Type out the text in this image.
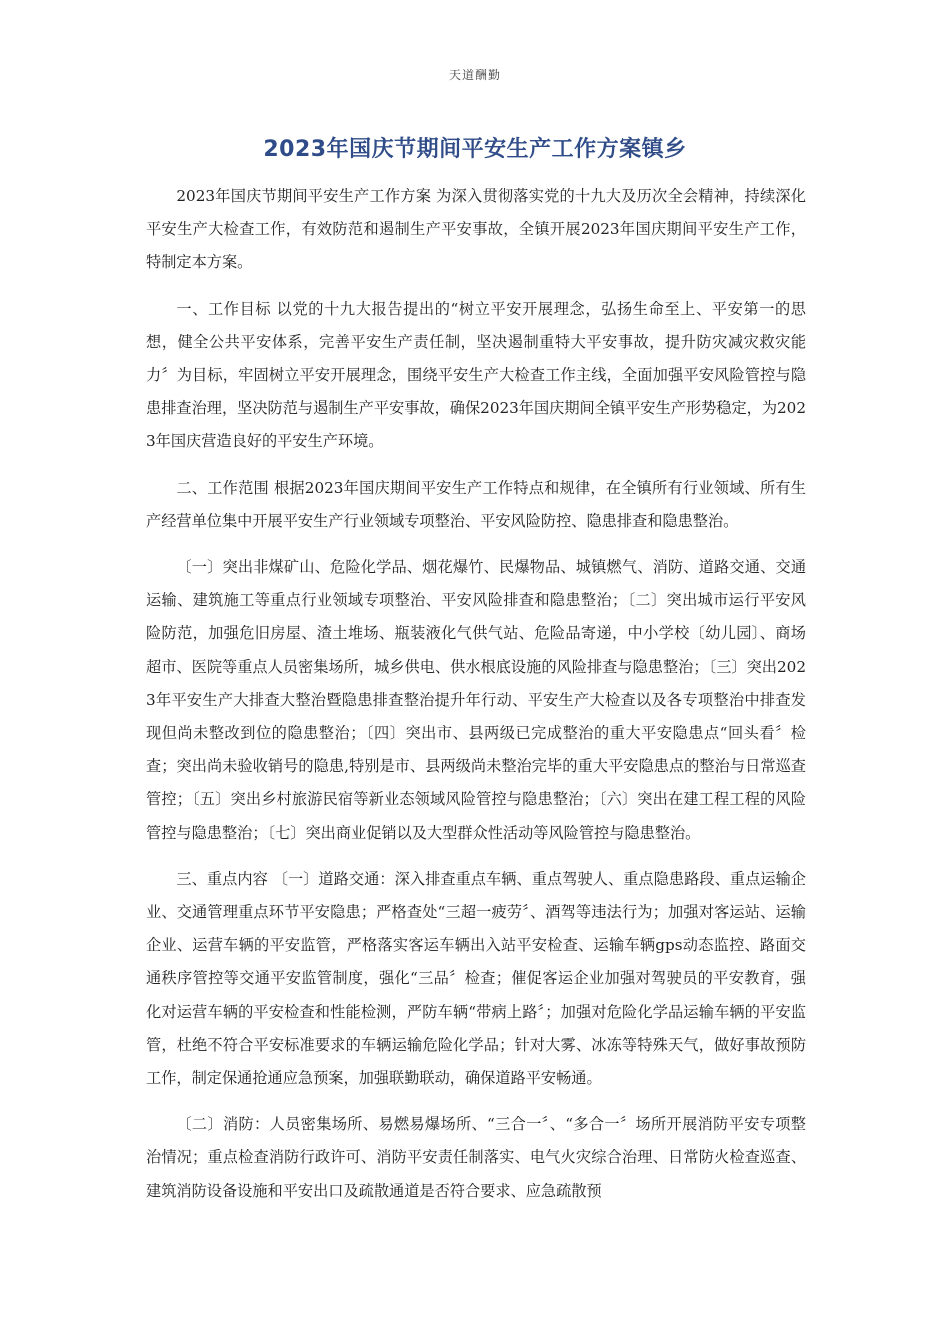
天道酬勤
2023年国庆节期间平安生产工作方案镇乡

2023年国庆节期间平安生产工作方案 为深入贯彻落实党的十九大及历次全会精神，持续深化平安生产大检查工作，有效防范和遏制生产平安事故，全镇开展2023年国庆期间平安生产工作，特制定本方案。

一、工作目标 以党的十九大报告提出的“树立平安开展理念，弘扬生命至上、平安第一的思想，健全公共平安体系，完善平安生产责任制，坚决遏制重特大平安事故，提升防灾减灾救灾能力〞为目标，牢固树立平安开展理念，围绕平安生产大检查工作主线，全面加强平安风险管控与隐患排查治理，坚决防范与遏制生产平安事故，确保2023年国庆期间全镇平安生产形势稳定，为2023年国庆营造良好的平安生产环境。

二、工作范围 根据2023年国庆期间平安生产工作特点和规律，在全镇所有行业领域、所有生产经营单位集中开展平安生产行业领域专项整治、平安风险防控、隐患排查和隐患整治。

〔一〕突出非煤矿山、危险化学品、烟花爆竹、民爆物品、城镇燃气、消防、道路交通、交通运输、建筑施工等重点行业领域专项整治、平安风险排查和隐患整治；〔二〕突出城市运行平安风险防范，加强危旧房屋、渣土堆场、瓶装液化气供气站、危险品寄递，中小学校〔幼儿园〕、商场超市、医院等重点人员密集场所，城乡供电、供水根底设施的风险排查与隐患整治；〔三〕突出2023年平安生产大排查大整治暨隐患排查整治提升年行动、平安生产大检查以及各专项整治中排查发现但尚未整改到位的隐患整治；〔四〕突出市、县两级已完成整治的重大平安隐患点“回头看〞检查；突出尚未验收销号的隐患,特别是市、县两级尚未整治完毕的重大平安隐患点的整治与日常巡查管控；〔五〕突出乡村旅游民宿等新业态领域风险管控与隐患整治；〔六〕突出在建工程工程的风险管控与隐患整治；〔七〕突出商业促销以及大型群众性活动等风险管控与隐患整治。

三、重点内容 〔一〕道路交通：深入排查重点车辆、重点驾驶人、重点隐患路段、重点运输企业、交通管理重点环节平安隐患；严格查处“三超一疲劳〞、酒驾等违法行为；加强对客运站、运输企业、运营车辆的平安监管，严格落实客运车辆出入站平安检查、运输车辆gps动态监控、路面交通秩序管控等交通平安监管制度，强化“三品〞检查；催促客运企业加强对驾驶员的平安教育，强化对运营车辆的平安检查和性能检测，严防车辆“带病上路〞；加强对危险化学品运输车辆的平安监管，杜绝不符合平安标准要求的车辆运输危险化学品；针对大雾、冰冻等特殊天气，做好事故预防工作，制定保通抢通应急预案，加强联勤联动，确保道路平安畅通。

〔二〕消防：人员密集场所、易燃易爆场所、“三合一〞、“多合一〞场所开展消防平安专项整治情况；重点检查消防行政许可、消防平安责任制落实、电气火灾综合治理、日常防火检查巡查、建筑消防设备设施和平安出口及疏散通道是否符合要求、应急疏散预
